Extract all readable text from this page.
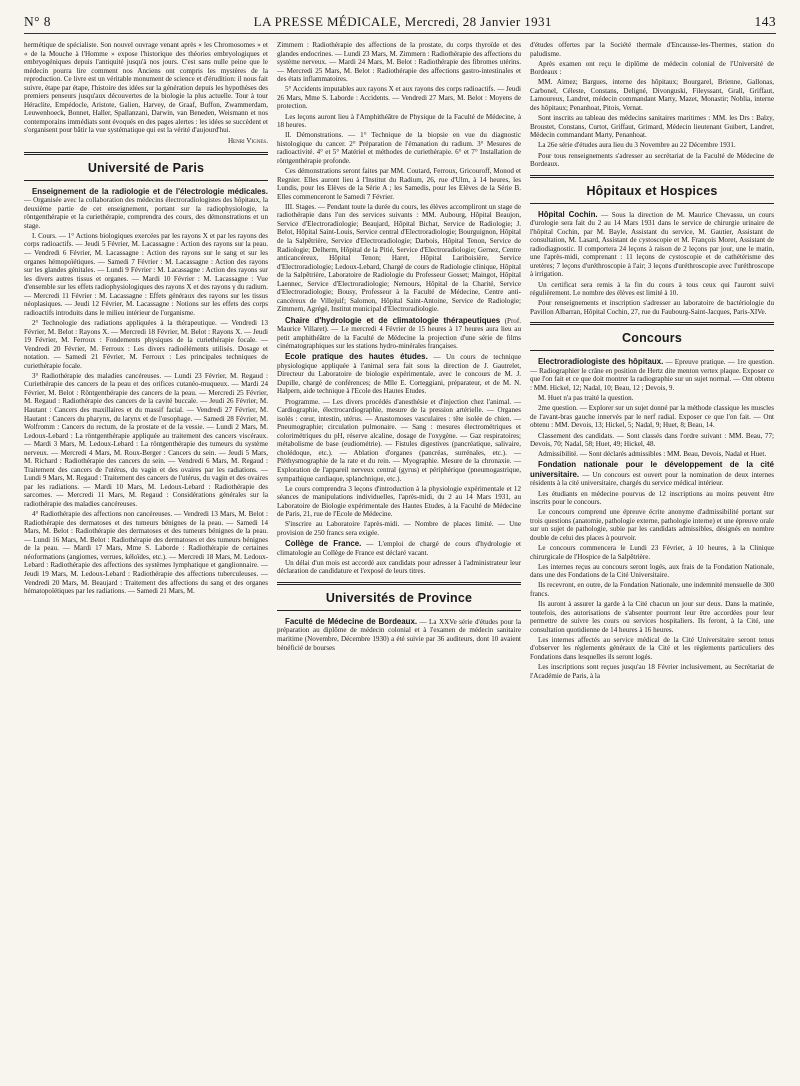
N° 8	LA PRESSE MÉDICALE, Mercredi, 28 Janvier 1931	143

hermétique de spécialiste. Son nouvel ouvrage venant après « les Chromosomes » et « de la Mouche à l'Homme » expose l'historique des théories embryologiques et embryogéniques depuis l'antiquité jusqu'à nos jours. C'est sans nulle peine que le médecin pourra lire comment nos Anciens ont compris les mystères de la reproduction. Ce livre est un véritable monument de science et d'érudition: il nous fait suivre, étape par étape, l'histoire des idées sur la génération depuis les hypothèses des premiers penseurs jusqu'aux découvertes de la biologie la plus actuelle. Tour à tour Héraclite, Empédocle, Aristote, Galien, Harvey, de Graaf, Buffon, Zwammerdam, Leuwenhoeck, Bonnet, Haller, Spallanzani, Darwin, van Beneden, Weismann et nos contemporains immédiats sont évoqués en des pages alertes : les idées se succèdent et s'organisent pour bâtir la vue systématique qui est la vérité d'aujourd'hui.

Henri Vignes.
Université de Paris

Enseignement de la radiologie et de l'électrologie médicales. — Organisée avec la collaboration des médecins électroradiologistes des hôpitaux, la deuxième partie de cet enseignement, portant sur la radiophysiologie, la röntgenthérapie et la curiethérapie, comprendra des cours, des démonstrations et un stage.

I. Cours. — 1° Actions biologiques exercées par les rayons X et par les rayons des corps radioactifs. — Jeudi 5 Février, M. Lacassagne : Action des rayons sur la peau. — Vendredi 6 Février, M. Lacassagne : Action des rayons sur le sang et sur les organes hémopoïétiques. — Samedi 7 Février : M. Lacassagne : Action des rayons sur les glandes génitales. — Lundi 9 Février : M. Lacassagne : Action des rayons sur les divers autres tissus et organes. — Mardi 10 Février : M. Lacassagne : Vue d'ensemble sur les effets radiophysiologiques des rayons X et des rayons γ du radium. — Mercredi 11 Février : M. Lacassagne : Effets généraux des rayons sur les tissus néoplasiques. — Jeudi 12 Février, M. Lacassagne : Notions sur les effets des corps radioactifs introduits dans le milieu intérieur de l'organisme.

2° Technologie des radiations appliquées à la thérapeutique. — Vendredi 13 Février, M. Belot : Rayons X. — Mercredi 18 Février, M. Belot : Rayons X. — Jeudi 19 Février, M. Ferroux : Fondements physiques de la curiethérapie focale. — Vendredi 20 Février, M. Ferroux : Les divers radioéléments utilisés. Dosage et notation. — Samedi 21 Février, M. Ferroux : Les principales techniques de curiethérapie focale.

3° Radiothérapie des maladies cancéreuses. — Lundi 23 Février, M. Regaud : Curiethérapie des cancers de la peau et des orifices cutanéo-muqueux. — Mardi 24 Février, M. Belot : Röntgenthérapie des cancers de la peau. — Mercredi 25 Février, M. Regaud : Radiothérapie des cancers de la cavité buccale. — Jeudi 26 Février, M. Hautant : Cancers des maxillaires et du massif facial. — Vendredi 27 Février, M. Hautant : Cancers du pharynx, du larynx et de l'œsophage. — Samedi 28 Février, M. Wolfromm : Cancers du rectum, de la prostate et de la vessie. — Lundi 2 Mars, M. Ledoux-Lebard : La röntgenthérapie appliquée au traitement des cancers viscéraux. — Mardi 3 Mars, M. Ledoux-Lebard : La röntgenthérapie des tumeurs du système nerveux. — Mercredi 4 Mars, M. Roux-Berger : Cancers du sein. — Jeudi 5 Mars, M. Richard : Radiothérapie des cancers du sein. — Vendredi 6 Mars, M. Regaud : Traitement des cancers de l'utérus, du vagin et des ovaires par les radiations. — Lundi 9 Mars, M. Regaud : Traitement des cancers de l'utérus, du vagin et des ovaires par les radiations. — Mardi 10 Mars, M. Ledoux-Lebard : Radiothérapie des sarcomes. — Mercredi 11 Mars, M. Regaud : Considérations générales sur la radiothérapie des maladies cancéreuses.

4° Radiothérapie des affections non cancéreuses. — Vendredi 13 Mars, M. Belot : Radiothérapie des dermatoses et des tumeurs bénignes de la peau. — Samedi 14 Mars, M. Belot : Radiothérapie des dermatoses et des tumeurs bénignes de la peau. — Lundi 16 Mars, M. Belot : Radiothérapie des dermatoses et des tumeurs bénignes de la peau. — Mardi 17 Mars, Mme S. Laborde : Radiothérapie de certaines néoformations (angiomes, verrues, kéloïdes, etc.). — Mercredi 18 Mars, M. Ledoux-Lebard : Radiothérapie des affections des systèmes lymphatique et ganglionnaire. — Jeudi 19 Mars, M. Ledoux-Lebard : Radiothérapie des affections tuberculeuses. — Vendredi 20 Mars, M. Beaujard : Traitement des affections du sang et des organes hématopoïétiques par les radiations. — Samedi 21 Mars, M.

Zimmern : Radiothérapie des affections de la prostate, du corps thyroïde et des glandes endocrines. — Lundi 23 Mars, M. Zimmern : Radiothérapie des affections du système nerveux. — Mardi 24 Mars, M. Belot : Radiothérapie des fibromes utérins. — Mercredi 25 Mars, M. Belot : Radiothérapie des affections gastro-intestinales et des états inflammatoires.

5° Accidents imputables aux rayons X et aux rayons des corps radioactifs. — Jeudi 26 Mars, Mme S. Laborde : Accidents. — Vendredi 27 Mars, M. Belot : Moyens de protection.

Les leçons auront lieu à l'Amphithéâtre de Physique de la Faculté de Médecine, à 18 heures.

II. Démonstrations. — 1° Technique de la biopsie en vue du diagnostic histologique du cancer. 2° Préparation de l'émanation du radium. 3° Mesures de radioactivité. 4° et 5° Matériel et méthodes de curiethérapie. 6° et 7° Installation de röntgenthérapie profonde.

Ces démonstrations seront faites par MM. Coutard, Ferroux, Gricouroff, Monod et Regnier. Elles auront lieu à l'Institut du Radium, 26, rue d'Ulm, à 14 heures, les Lundis, pour les Elèves de la Série A ; les Samedis, pour les Elèves de la Série B. Elles commenceront le Samedi 7 Février.

III. Stages. — Pendant toute la durée du cours, les élèves accompliront un stage de radiothérapie dans l'un des services suivants : MM. Aubourg, Hôpital Beaujon, Service d'Electroradiologie; Beaujard, Hôpital Bichat, Service de Radiologie; J. Belot, Hôpital Saint-Louis, Service central d'Electroradiologie; Bourguignon, Hôpital de la Salpêtrière, Service d'Electroradiologie; Darbois, Hôpital Tenon, Service de Radiologie; Delherm, Hôpital de la Pitié, Service d'Electroradiologie; Gernez, Centre anticancéreux, Hôpital Tenon; Haret, Hôpital Lariboisière, Service d'Electroradiologie; Ledoux-Lebard, Chargé de cours de Radiologie clinique, Hôpital de la Salpêtrière, Laboratoire de Radiologie du Professeur Gosset; Maingot, Hôpital Laennec, Service d'Electroradiologie; Nemours, Hôpital de la Charité, Service d'Electroradiologie; Bousy, Professeur à la Faculté de Médecine, Centre anti-cancéreux de Villejuif; Salomon, Hôpital Saint-Antoine, Service de Radiologie; Zimmern, Agrégé, Institut municipal d'Electroradiologie.

Chaire d'hydrologie et de climatologie thérapeutiques (Prof. Maurice Villaret). — Le mercredi 4 Février de 15 heures à 17 heures aura lieu au petit amphithéâtre de la Faculté de Médecine la projection d'une série de films cinématographiques sur les stations hydro-minérales françaises.

Ecole pratique des hautes études. — Un cours de technique physiologique appliquée à l'animal sera fait sous la direction de J. Gautrelet, Directeur du Laboratoire de biologie expérimentale, avec le concours de M. J. Dupille, chargé de conférences; de Mlle E. Corteggiani, préparateur, et de M. N. Halpern, aide technique à l'Ecole des Hautes Etudes.

Programme. — Les divers procédés d'anesthésie et d'injection chez l'animal. — Cardiographie, électrocardiographie, mesure de la pression artérielle. — Organes isolés : cœur, intestin, utérus. — Anastomoses vasculaires : tête isolée de chien. — Pneumographie; circulation pulmonaire. — Sang : mesures électrométriques et colorimétriques du pH, réserve alcaline, dosage de l'oxygène. — Gaz respiratoires; métabolisme de base (eudiométrie). — Fistules digestives (pancréatique, salivaire, cholédoque, etc.). — Ablation d'organes (pancréas, surrénales, etc.). — Pléthysmographie de la rate et du rein. — Myographie. Mesure de la chronaxie. — Exploration de l'appareil nerveux central (gyrus) et périphérique (pneumogastrique, sympathique cardiaque, splanchnique, etc.).

Le cours comprendra 3 leçons d'introduction à la physiologie expérimentale et 12 séances de manipulations individuelles, l'après-midi, du 2 au 14 Mars 1931, au Laboratoire de Biologie expérimentale des Hautes Etudes, à la Faculté de Médecine de Paris, 21, rue de l'Ecole de Médecine.

S'inscrire au Laboratoire l'après-midi. — Nombre de places limité. — Une provision de 250 francs sera exigée.

Collège de France. — L'emploi de chargé de cours d'hydrologie et climatologie au Collège de France est déclaré vacant.

Un délai d'un mois est accordé aux candidats pour adresser à l'administrateur leur déclaration de candidature et l'exposé de leurs titres.

Universités de Province

Faculté de Médecine de Bordeaux. — La XXVe série d'études pour la préparation au diplôme de médecin colonial et à l'examen de médecin sanitaire maritime (Novembre, Décembre 1930) a été suivie par 36 auditeurs, dont 10 avaient bénéficié de bourses

d'études offertes par la Société thermale d'Encausse-les-Thermes, station du paludisme.

Après examen ont reçu le diplôme de médecin colonial de l'Université de Bordeaux :

MM. Aimez; Bargues, interne des hôpitaux; Bourgarel, Brienne, Gallonas, Carbonel, Céleste, Constans, Deligné, Divonguski, Fileyssant, Grall, Griffaut, Lamoureux, Landret, médecin commandant Marty, Mazet, Monastir; Noblia, interne des hôpitaux; Penanhoat, Pitois, Vernat.

Sont inscrits au tableau des médecins sanitaires maritimes : MM. les Drs : Balzy, Broustet, Constans, Curtot, Griffaut, Grimard, Médecin lieutenant Guibert, Landret, Médecin commandant Marty, Penanhoat.

La 26e série d'études aura lieu du 3 Novembre au 22 Décembre 1931.

Pour tous renseignements s'adresser au secrétariat de la Faculté de Médecine de Bordeaux.

Hôpitaux et Hospices

Hôpital Cochin. — Sous la direction de M. Maurice Chevassu, un cours d'urologie sera fait du 2 au 14 Mars 1931 dans le service de chirurgie urinaire de l'hôpital Cochin, par M. Bayle, Assistant du service, M. Gautier, Assistant de consultation, M. Lasard, Assistant de cystoscopie et M. François Moret, Assistant de radiodiagnostic. Il comportera 24 leçons à raison de 2 leçons par jour, une le matin, une l'après-midi, comprenant : 11 leçons de cystoscopie et de cathétérisme des uretères; 7 leçons d'uréthroscopie à l'air; 3 leçons d'uréthroscopie avec l'uréthroscope à irrigation.

Un certificat sera remis à la fin du cours à tous ceux qui l'auront suivi régulièrement. Le nombre des élèves est limité à 10.

Pour renseignements et inscription s'adresser au laboratoire de bactériologie du Pavillon Albarran, Hôpital Cochin, 27, rue du Faubourg-Saint-Jacques, Paris-XIVe.

Concours

Electroradiologiste des hôpitaux. — Epreuve pratique. — 1re question. — Radiographier le crâne en position de Hertz dite menton vertex plaque. Exposer ce que l'on fait et ce que doit montrer la radiographie sur un sujet normal. — Ont obtenu : MM. Hickel, 12; Nadal, 10; Beau, 12 ; Devois, 9.

M. Huet n'a pas traité la question.

2me question. — Explorer sur un sujet donné par la méthode classique les muscles de l'avant-bras gauche innervés par le nerf radial. Exposer ce que l'on fait. — Ont obtenu : MM. Devois, 13; Hickel, 5; Nadal, 9; Huet, 8; Beau, 14.

Classement des candidats. — Sont classés dans l'ordre suivant : MM. Beau, 77; Devois, 70; Nadal, 58; Huet, 49; Hickel, 48.

Admissibilité. — Sont déclarés admissibles : MM. Beau, Devois, Nadal et Huet.

Fondation nationale pour le développement de la cité universitaire. — Un concours est ouvert pour la nomination de deux internes résidents à la cité universitaire, chargés du service médical intérieur.

Les étudiants en médecine pourvus de 12 inscriptions au moins peuvent être inscrits pour le concours.

Le concours comprend une épreuve écrite anonyme d'admissibilité portant sur trois questions (anatomie, pathologie externe, pathologie interne) et une épreuve orale sur un sujet de pathologie, subie par les candidats admissibles, désignés en nombre double de celui des places à pourvoir.

Le concours commencera le Lundi 23 Février, à 10 heures, à la Clinique chirurgicale de l'Hospice de la Salpêtrière.

Les internes reçus au concours seront logés, aux frais de la Fondation Nationale, dans une des Fondations de la Cité Universitaire.

Ils recevront, en outre, de la Fondation Nationale, une indemnité mensuelle de 300 francs.

Ils auront à assurer la garde à la Cité chacun un jour sur deux. Dans la matinée, toutefois, des autorisations de s'absenter pourront leur être accordées pour leur permettre de suivre les cours ou services hospitaliers. Ils feront, à la Cité, une consultation quotidienne de 14 heures à 16 heures.

Les internes affectés au service médical de la Cité Universitaire seront tenus d'observer les règlements généraux de la Cité et les règlements particuliers des Fondations dans lesquelles ils seront logés.

Les inscriptions sont reçues jusqu'au 18 Février inclusivement, au Secrétariat de l'Académie de Paris, à la
